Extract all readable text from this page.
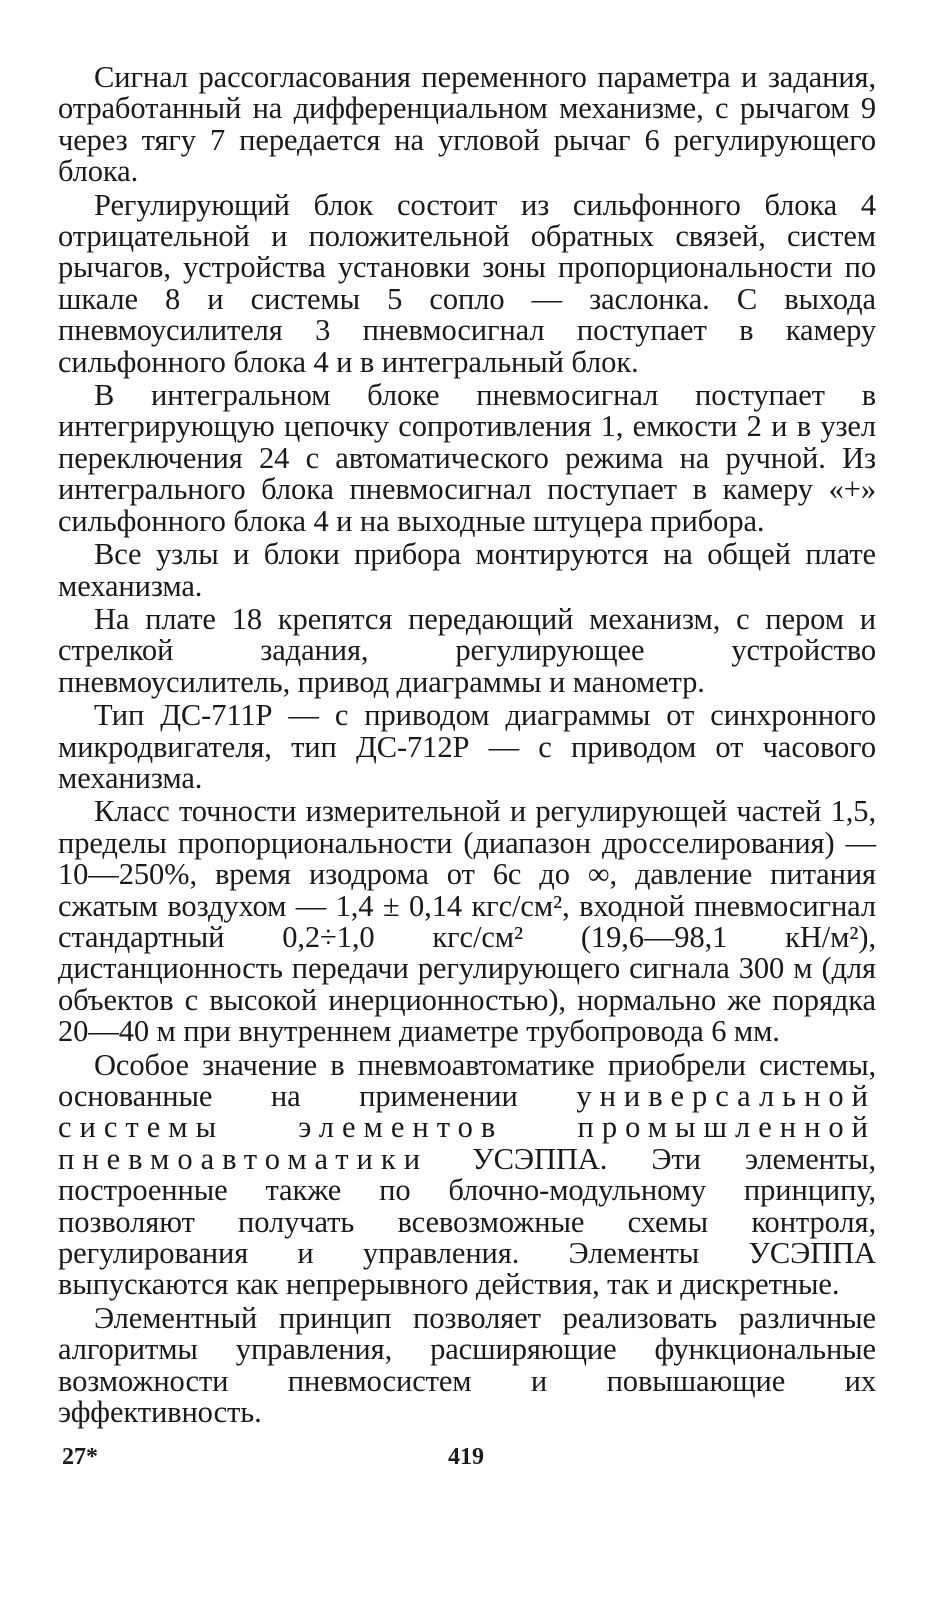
Сигнал рассогласования переменного параметра и задания, отработанный на дифференциальном механизме, с рычагом 9 через тягу 7 передается на угловой рычаг 6 регулирующего блока.

Регулирующий блок состоит из сильфонного блока 4 отрицательной и положительной обратных связей, систем рычагов, устройства установки зоны пропорциональности по шкале 8 и системы 5 сопло — заслонка. С выхода пневмоусилителя 3 пневмосигнал поступает в камеру сильфонного блока 4 и в интегральный блок.

В интегральном блоке пневмосигнал поступает в интегрирующую цепочку сопротивления 1, емкости 2 и в узел переключения 24 с автоматического режима на ручной. Из интегрального блока пневмосигнал поступает в камеру «+» сильфонного блока 4 и на выходные штуцера прибора.

Все узлы и блоки прибора монтируются на общей плате механизма.

На плате 18 крепятся передающий механизм, с пером и стрелкой задания, регулирующее устройство пневмоусилитель, привод диаграммы и манометр.

Тип ДС-711Р — с приводом диаграммы от синхронного микродвигателя, тип ДС-712Р — с приводом от часового механизма.

Класс точности измерительной и регулирующей частей 1,5, пределы пропорциональности (диапазон дросселирования) — 10—250%, время изодрома от 6с до ∞, давление питания сжатым воздухом — 1,4 ± 0,14 кгс/см², входной пневмосигнал стандартный 0,2÷1,0 кгс/см² (19,6—98,1 кН/м²), дистанционность передачи регулирующего сигнала 300 м (для объектов с высокой инерционностью), нормально же порядка 20—40 м при внутреннем диаметре трубопровода 6 мм.

Особое значение в пневмоавтоматике приобрели системы, основанные на применении универсальной системы элементов промышленной пневмоавтоматики УСЭППА. Эти элементы, построенные также по блочно-модульному принципу, позволяют получать всевозможные схемы контроля, регулирования и управления. Элементы УСЭППА выпускаются как непрерывного действия, так и дискретные.

Элементный принцип позволяет реализовать различные алгоритмы управления, расширяющие функциональные возможности пневмосистем и повышающие их эффективность.

27*	419
